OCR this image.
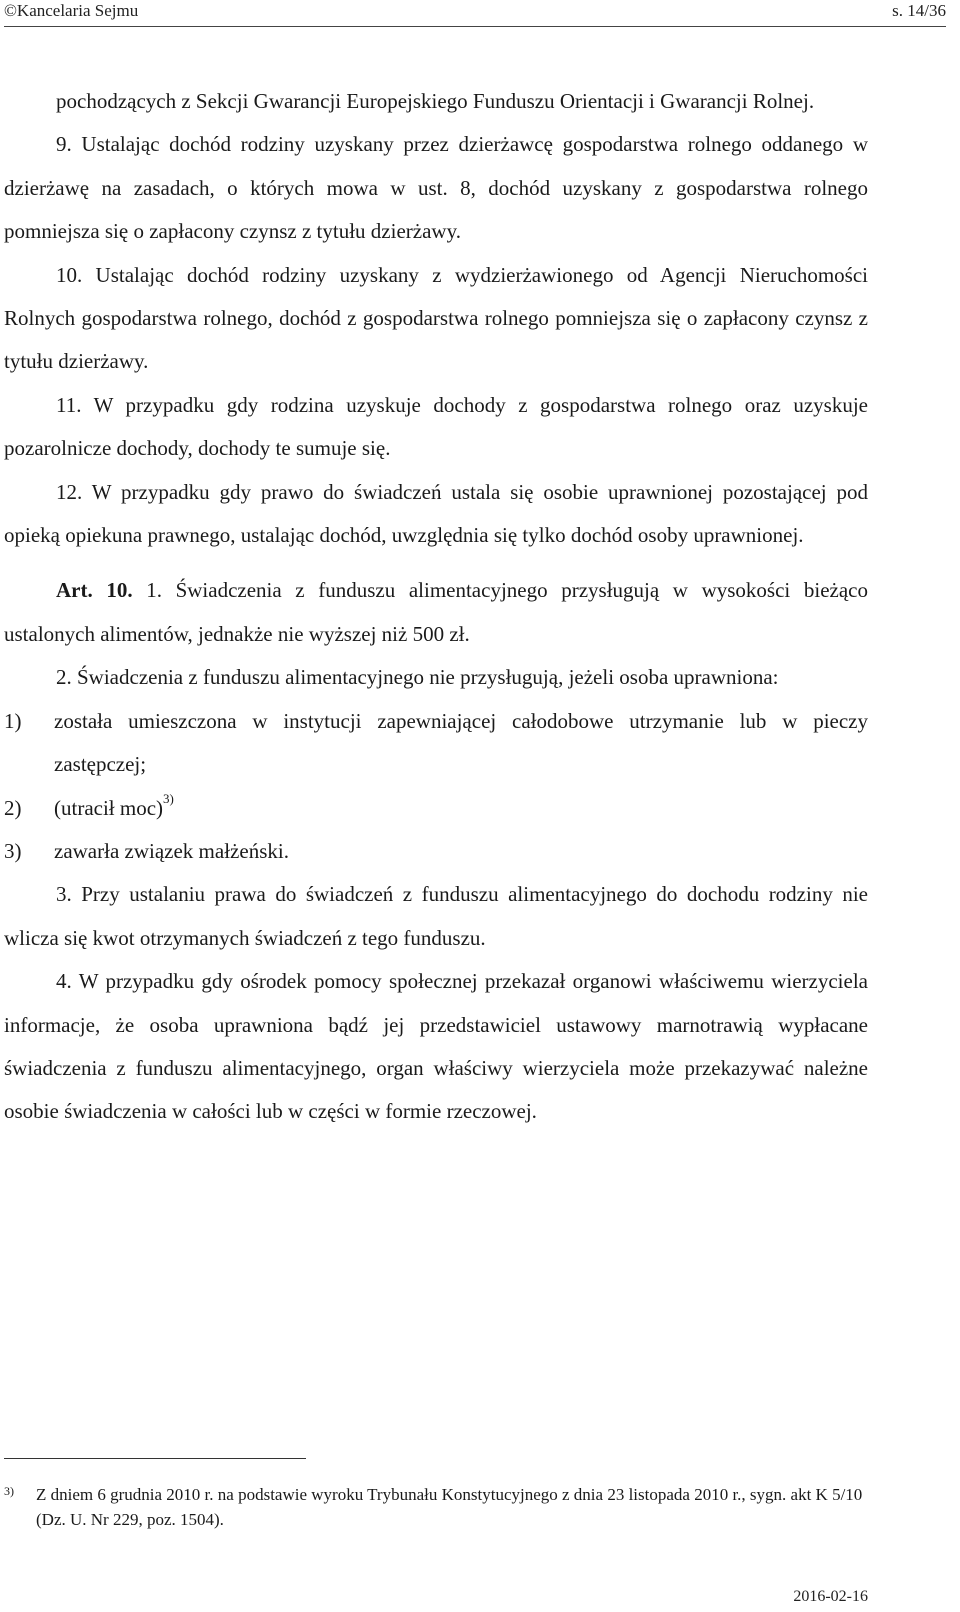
©Kancelaria Sejmu	s. 14/36

pochodzących z Sekcji Gwarancji Europejskiego Funduszu Orientacji i Gwarancji Rolnej.

9. Ustalając dochód rodziny uzyskany przez dzierżawcę gospodarstwa rolnego oddanego w dzierżawę na zasadach, o których mowa w ust. 8, dochód uzyskany z gospodarstwa rolnego pomniejsza się o zapłacony czynsz z tytułu dzierżawy.

10. Ustalając dochód rodziny uzyskany z wydzierżawionego od Agencji Nieruchomości Rolnych gospodarstwa rolnego, dochód z gospodarstwa rolnego pomniejsza się o zapłacony czynsz z tytułu dzierżawy.

11. W przypadku gdy rodzina uzyskuje dochody z gospodarstwa rolnego oraz uzyskuje pozarolnicze dochody, dochody te sumuje się.

12. W przypadku gdy prawo do świadczeń ustala się osobie uprawnionej pozostającej pod opieką opiekuna prawnego, ustalając dochód, uwzględnia się tylko dochód osoby uprawnionej.

Art. 10. 1. Świadczenia z funduszu alimentacyjnego przysługują w wysokości bieżąco ustalonych alimentów, jednakże nie wyższej niż 500 zł.

2. Świadczenia z funduszu alimentacyjnego nie przysługują, jeżeli osoba uprawniona:

1)	została umieszczona w instytucji zapewniającej całodobowe utrzymanie lub w pieczy zastępczej;
2)	(utracił moc)$^{3)}$
3)	zawarła związek małżeński.

3. Przy ustalaniu prawa do świadczeń z funduszu alimentacyjnego do dochodu rodziny nie wlicza się kwot otrzymanych świadczeń z tego funduszu.

4. W przypadku gdy ośrodek pomocy społecznej przekazał organowi właściwemu wierzyciela informacje, że osoba uprawniona bądź jej przedstawiciel ustawowy marnotrawią wypłacane świadczenia z funduszu alimentacyjnego, organ właściwy wierzyciela może przekazywać należne osobie świadczenia w całości lub w części w formie rzeczowej.

3)	Z dniem 6 grudnia 2010 r. na podstawie wyroku Trybunału Konstytucyjnego z dnia 23 listopada 2010 r., sygn. akt K 5/10 (Dz. U. Nr 229, poz. 1504).
2016-02-16
